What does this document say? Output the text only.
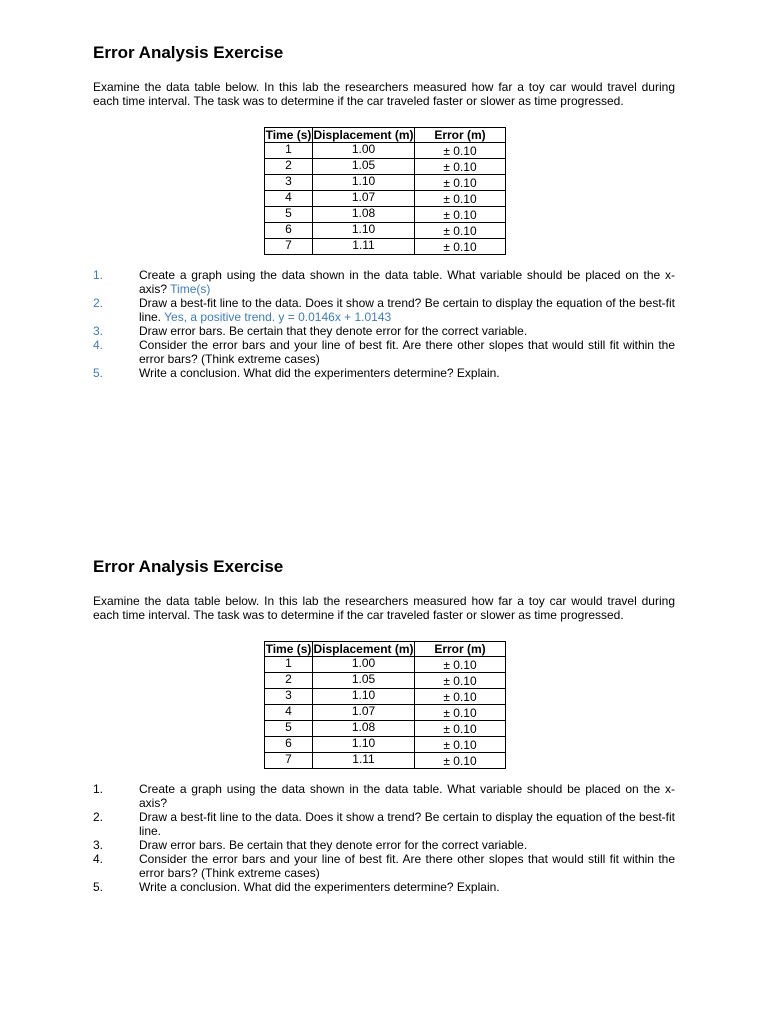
Error Analysis Exercise

Examine the data table below. In this lab the researchers measured how far a toy car would travel during each time interval. The task was to determine if the car traveled faster or slower as time progressed.

Time (s)	Displacement (m)	Error (m)
1	1.00	± 0.10
2	1.05	± 0.10
3	1.10	± 0.10
4	1.07	± 0.10
5	1.08	± 0.10
6	1.10	± 0.10
7	1.11	± 0.10
1.	Create a graph using the data shown in the data table. What variable should be placed on the x-axis? Time(s)
2.	Draw a best-fit line to the data. Does it show a trend? Be certain to display the equation of the best-fit line. Yes, a positive trend. y = 0.0146x + 1.0143
3.	Draw error bars. Be certain that they denote error for the correct variable.
4.	Consider the error bars and your line of best fit. Are there other slopes that would still fit within the error bars? (Think extreme cases)
5.	Write a conclusion. What did the experimenters determine? Explain.
Error Analysis Exercise

Examine the data table below. In this lab the researchers measured how far a toy car would travel during each time interval. The task was to determine if the car traveled faster or slower as time progressed.

Time (s)	Displacement (m)	Error (m)
1	1.00	± 0.10
2	1.05	± 0.10
3	1.10	± 0.10
4	1.07	± 0.10
5	1.08	± 0.10
6	1.10	± 0.10
7	1.11	± 0.10
1.	Create a graph using the data shown in the data table. What variable should be placed on the x-axis?
2.	Draw a best-fit line to the data. Does it show a trend? Be certain to display the equation of the best-fit line.
3.	Draw error bars. Be certain that they denote error for the correct variable.
4.	Consider the error bars and your line of best fit. Are there other slopes that would still fit within the error bars? (Think extreme cases)
5.	Write a conclusion. What did the experimenters determine? Explain.
